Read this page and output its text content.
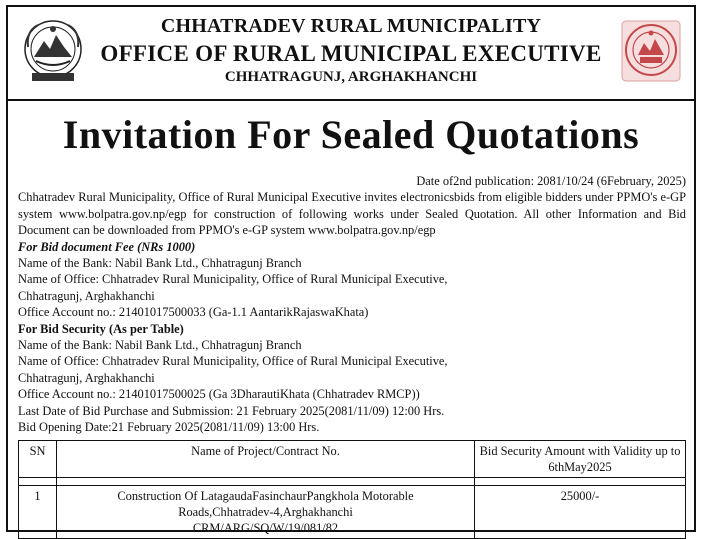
CHHATRADEV RURAL MUNICIPALITY
OFFICE OF RURAL MUNICIPAL EXECUTIVE
CHHATRAGUNJ, ARGHAKHANCHI
Invitation For Sealed Quotations

Date of2nd publication: 2081/10/24 (6February, 2025)

Chhatradev Rural Municipality, Office of Rural Municipal Executive invites electronicsbids from eligible bidders under PPMO's e-GP system www.bolpatra.gov.np/egp for construction of following works under Sealed Quotation. All other Information and Bid Document can be downloaded from PPMO's e-GP system www.bolpatra.gov.np/egp

For Bid document Fee (NRs 1000)

Name of the Bank: Nabil Bank Ltd., Chhatragunj Branch

Name of Office: Chhatradev Rural Municipality, Office of Rural Municipal Executive, Chhatragunj, Arghakhanchi

Office Account no.: 21401017500033 (Ga-1.1 AantarikRajaswaKhata)

For Bid Security (As per Table)

Name of the Bank: Nabil Bank Ltd., Chhatragunj Branch

Name of Office: Chhatradev Rural Municipality, Office of Rural Municipal Executive, Chhatragunj, Arghakhanchi

Office Account no.: 21401017500025 (Ga 3DharautiKhata (Chhatradev RMCP))

Last Date of Bid Purchase and Submission: 21 February 2025(2081/11/09) 12:00 Hrs.

Bid Opening Date:21 February 2025(2081/11/09) 13:00 Hrs.

SN	Name of Project/Contract No.	Bid Security Amount with Validity up to 6thMay2025

1	Construction Of LatagaudaFasinchaurPangkhola Motorable Roads,Chhatradev-4,Arghakhanchi CRM/ARG/SQ/W/19/081/82	25000/-
